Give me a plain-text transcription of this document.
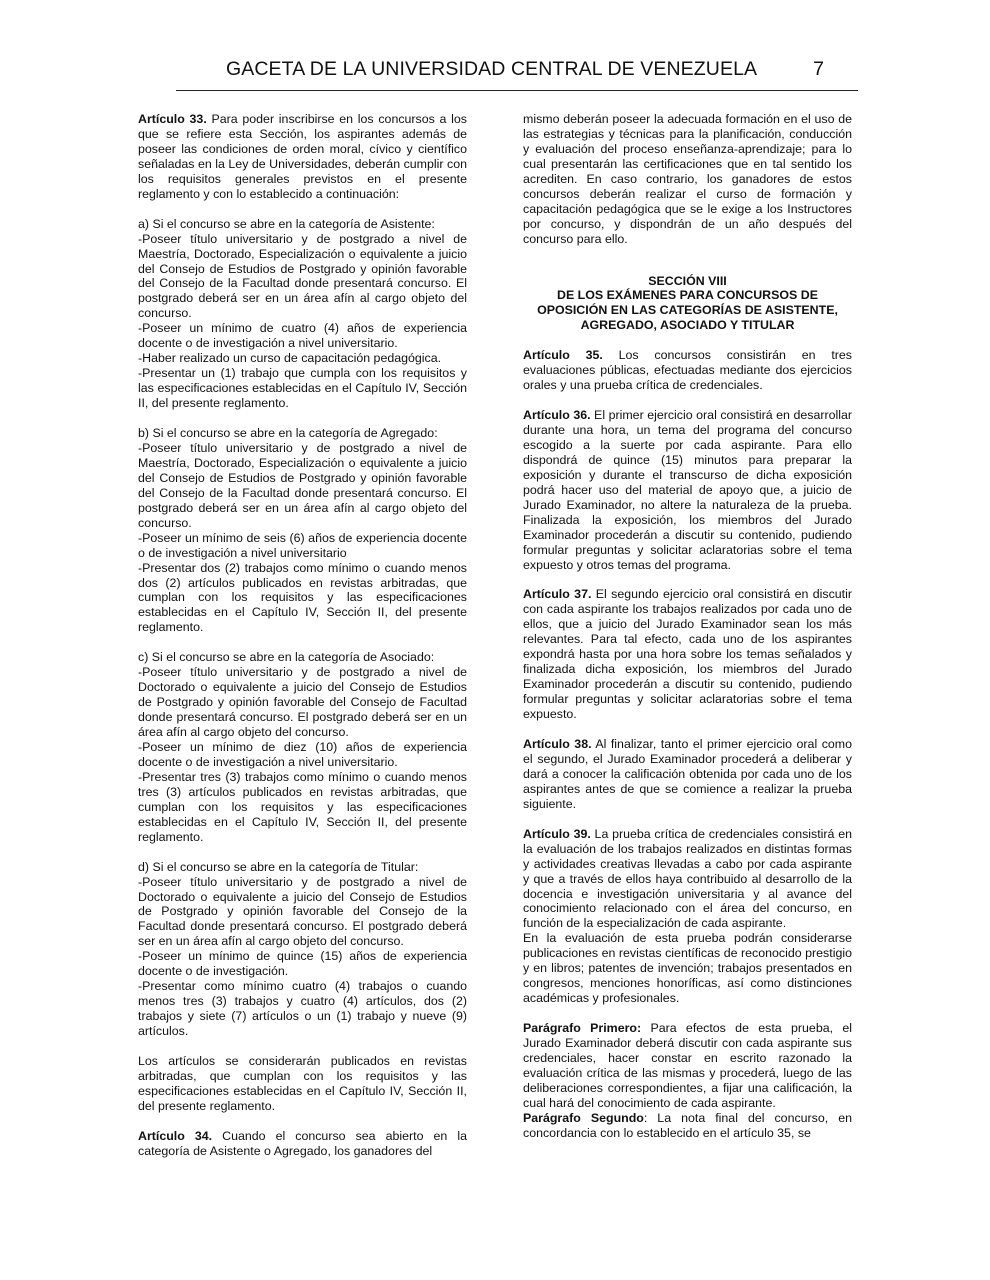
GACETA DE LA UNIVERSIDAD CENTRAL DE VENEZUELA	7

Artículo 33. Para poder inscribirse en los concursos a los que se refiere esta Sección, los aspirantes además de poseer las condiciones de orden moral, cívico y científico señaladas en la Ley de Universidades, deberán cumplir con los requisitos generales previstos en el presente reglamento y con lo establecido a continuación:

a) Si el concurso se abre en la categoría de Asistente:

-Poseer título universitario y de postgrado a nivel de Maestría, Doctorado, Especialización o equivalente a juicio del Consejo de Estudios de Postgrado y opinión favorable del Consejo de la Facultad donde presentará concurso. El postgrado deberá ser en un área afín al cargo objeto del concurso.

-Poseer un mínimo de cuatro (4) años de experiencia docente o de investigación a nivel universitario.

-Haber realizado un curso de capacitación pedagógica.

-Presentar un (1) trabajo que cumpla con los requisitos y las especificaciones establecidas en el Capítulo IV, Sección II, del presente reglamento.

b) Si el concurso se abre en la categoría de Agregado:

-Poseer título universitario y de postgrado a nivel de Maestría, Doctorado, Especialización o equivalente a juicio del Consejo de Estudios de Postgrado y opinión favorable del Consejo de la Facultad donde presentará concurso. El postgrado deberá ser en un área afín al cargo objeto del concurso.

-Poseer un mínimo de seis (6) años de experiencia docente o de investigación a nivel universitario

-Presentar dos (2) trabajos como mínimo o cuando menos dos (2) artículos publicados en revistas arbitradas, que cumplan con los requisitos y las especificaciones establecidas en el Capítulo IV, Sección II, del presente reglamento.

c) Si el concurso se abre en la categoría de Asociado:

-Poseer título universitario y de postgrado a nivel de Doctorado o equivalente a juicio del Consejo de Estudios de Postgrado y opinión favorable del Consejo de Facultad donde presentará concurso. El postgrado deberá ser en un área afín al cargo objeto del concurso.

-Poseer un mínimo de diez (10) años de experiencia docente o de investigación a nivel universitario.

-Presentar tres (3) trabajos como mínimo o cuando menos tres (3) artículos publicados en revistas arbitradas, que cumplan con los requisitos y las especificaciones establecidas en el Capítulo IV, Sección II, del presente reglamento.

d) Si el concurso se abre en la categoría de Titular:

-Poseer título universitario y de postgrado a nivel de Doctorado o equivalente a juicio del Consejo de Estudios de Postgrado y opinión favorable del Consejo de la Facultad donde presentará concurso. El postgrado deberá ser en un área afín al cargo objeto del concurso.

-Poseer un mínimo de quince (15) años de experiencia docente o de investigación.

-Presentar como mínimo cuatro (4) trabajos o cuando menos tres (3) trabajos y cuatro (4) artículos, dos (2) trabajos y siete (7) artículos o un (1) trabajo y nueve (9) artículos.

Los artículos se considerarán publicados en revistas arbitradas, que cumplan con los requisitos y las especificaciones establecidas en el Capítulo IV, Sección II, del presente reglamento.

Artículo 34. Cuando el concurso sea abierto en la categoría de Asistente o Agregado, los ganadores del

mismo deberán poseer la adecuada formación en el uso de las estrategias y técnicas para la planificación, conducción y evaluación del proceso enseñanza-aprendizaje; para lo cual presentarán las certificaciones que en tal sentido los acrediten. En caso contrario, los ganadores de estos concursos deberán realizar el curso de formación y capacitación pedagógica que se le exige a los Instructores por concurso, y dispondrán de un año después del concurso para ello.

SECCIÓN VIII
DE LOS EXÁMENES PARA CONCURSOS DE
OPOSICIÓN EN LAS CATEGORÍAS DE ASISTENTE,
AGREGADO, ASOCIADO Y TITULAR

Artículo 35. Los concursos consistirán en tres evaluaciones públicas, efectuadas mediante dos ejercicios orales y una prueba crítica de credenciales.

Artículo 36. El primer ejercicio oral consistirá en desarrollar durante una hora, un tema del programa del concurso escogido a la suerte por cada aspirante. Para ello dispondrá de quince (15) minutos para preparar la exposición y durante el transcurso de dicha exposición podrá hacer uso del material de apoyo que, a juicio de Jurado Examinador, no altere la naturaleza de la prueba. Finalizada la exposición, los miembros del Jurado Examinador procederán a discutir su contenido, pudiendo formular preguntas y solicitar aclaratorias sobre el tema expuesto y otros temas del programa.

Artículo 37. El segundo ejercicio oral consistirá en discutir con cada aspirante los trabajos realizados por cada uno de ellos, que a juicio del Jurado Examinador sean los más relevantes. Para tal efecto, cada uno de los aspirantes expondrá hasta por una hora sobre los temas señalados y finalizada dicha exposición, los miembros del Jurado Examinador procederán a discutir su contenido, pudiendo formular preguntas y solicitar aclaratorias sobre el tema expuesto.

Artículo 38. Al finalizar, tanto el primer ejercicio oral como el segundo, el Jurado Examinador procederá a deliberar y dará a conocer la calificación obtenida por cada uno de los aspirantes antes de que se comience a realizar la prueba siguiente.

Artículo 39. La prueba crítica de credenciales consistirá en la evaluación de los trabajos realizados en distintas formas y actividades creativas llevadas a cabo por cada aspirante y que a través de ellos haya contribuido al desarrollo de la docencia e investigación universitaria y al avance del conocimiento relacionado con el área del concurso, en función de la especialización de cada aspirante.

En la evaluación de esta prueba podrán considerarse publicaciones en revistas científicas de reconocido prestigio y en libros; patentes de invención; trabajos presentados en congresos, menciones honoríficas, así como distinciones académicas y profesionales.

Parágrafo Primero: Para efectos de esta prueba, el Jurado Examinador deberá discutir con cada aspirante sus credenciales, hacer constar en escrito razonado la evaluación crítica de las mismas y procederá, luego de las deliberaciones correspondientes, a fijar una calificación, la cual hará del conocimiento de cada aspirante.

Parágrafo Segundo: La nota final del concurso, en concordancia con lo establecido en el artículo 35, se
